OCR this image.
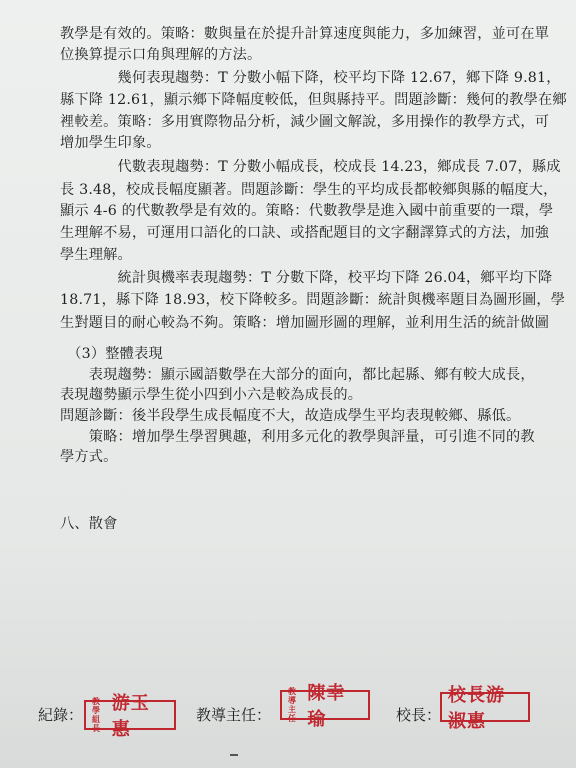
教學是有效的。策略：數與量在於提升計算速度與能力，多加練習，並可在單
位換算提示口角與理解的方法。
　　　　幾何表現趨勢：T 分數小幅下降，校平均下降 12.67，鄉下降 9.81，
縣下降 12.61，顯示鄉下降幅度較低，但與縣持平。問題診斷：幾何的教學在鄉
裡較差。策略：多用實際物品分析，減少圖文解說，多用操作的教學方式，可
增加學生印象。
　　　　代數表現趨勢：T 分數小幅成長，校成長 14.23，鄉成長 7.07，縣成
長 3.48，校成長幅度顯著。問題診斷：學生的平均成長都較鄉與縣的幅度大，
顯示 4-6 的代數教學是有效的。策略：代數教學是進入國中前重要的一環，學
生理解不易，可運用口語化的口訣、或搭配題目的文字翻譯算式的方法，加強
學生理解。
　　　　統計與機率表現趨勢：T 分數下降，校平均下降 26.04，鄉平均下降
18.71，縣下降 18.93，校下降較多。問題診斷：統計與機率題目為圖形圖，學
生對題目的耐心較為不夠。策略：增加圖形圖的理解，並利用生活的統計做圖
　（3）整體表現
　　表現趨勢：顯示國語數學在大部分的面向，都比起縣、鄉有較大成長，
表現趨勢顯示學生從小四到小六是較為成長的。
問題診斷：後半段學生成長幅度不大，故造成學生平均表現較鄉、縣低。
　　策略：增加學生學習興趣，利用多元化的教學與評量，可引進不同的教
學方式。
八、散會
紀錄：
教學
組長
游玉惠
教導主任：
教導
主任
陳幸瑜	校長：
校長游淑惠
